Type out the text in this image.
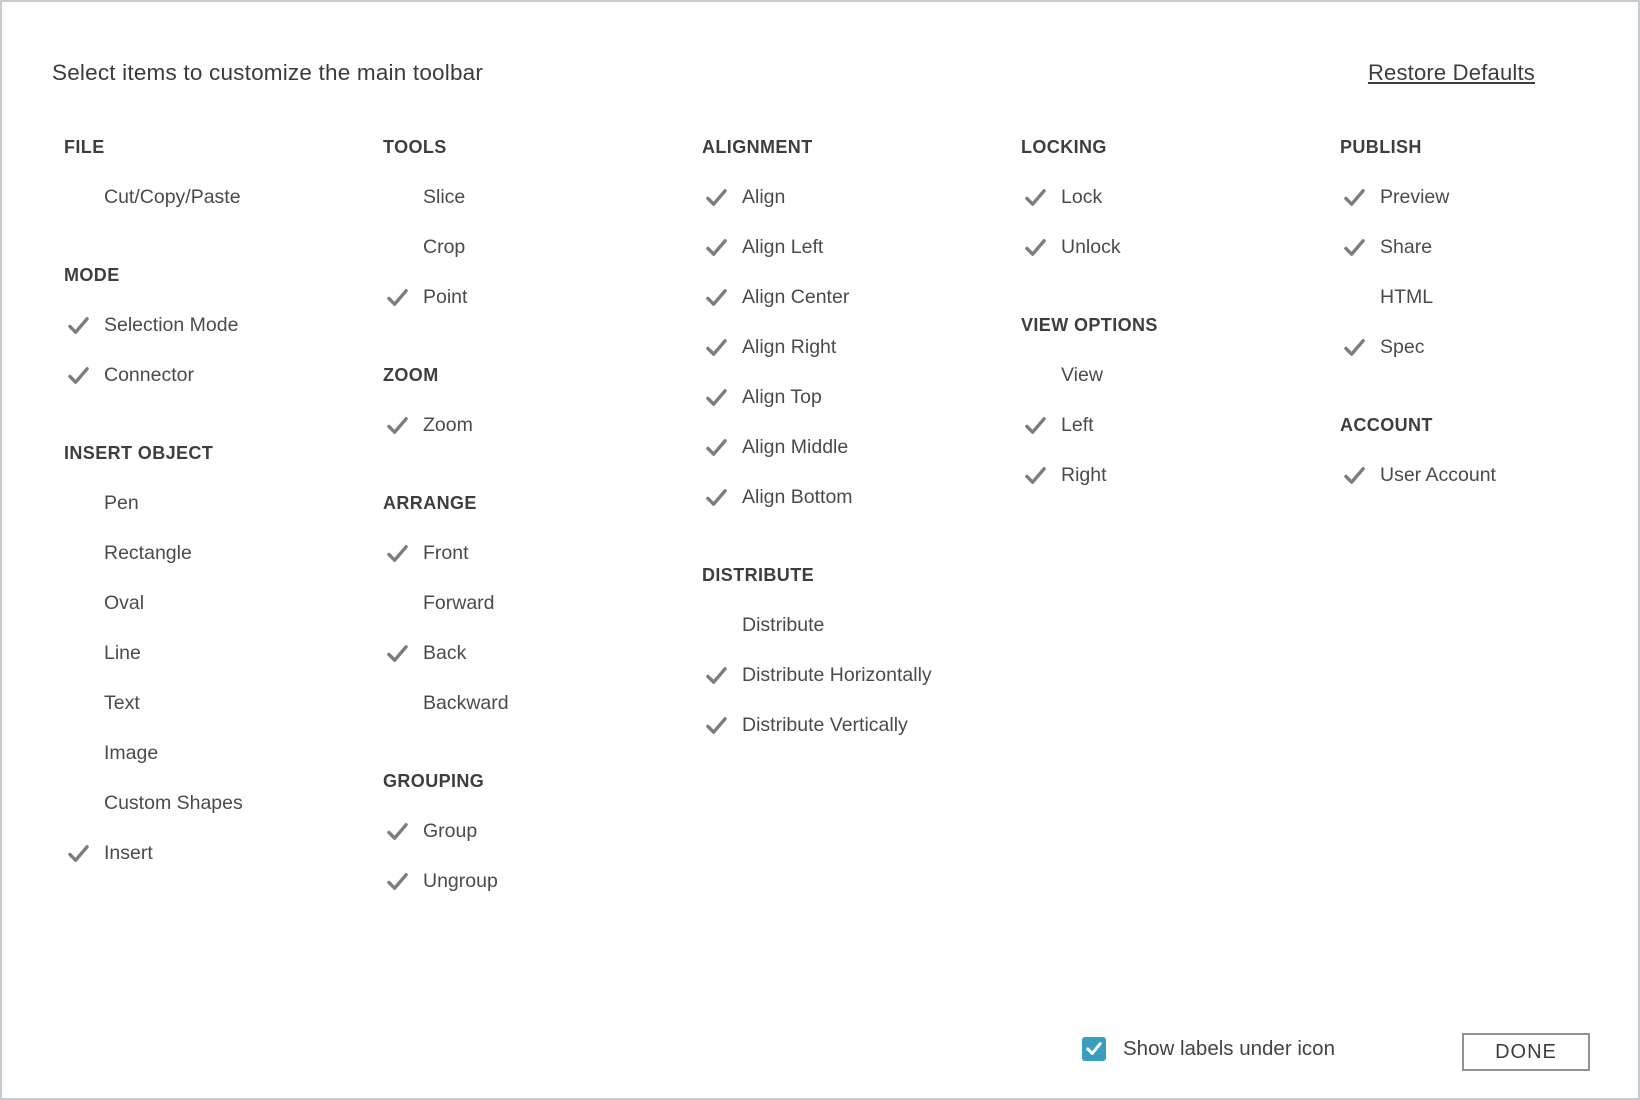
Select items to customize the main toolbar	Restore Defaults
FILE
Cut/Copy/Paste
MODE
Selection Mode
Connector
INSERT OBJECT
Pen
Rectangle
Oval
Line
Text
Image
Custom Shapes
Insert
TOOLS
Slice
Crop
Point
ZOOM
Zoom
ARRANGE
Front
Forward
Back
Backward
GROUPING
Group
Ungroup
ALIGNMENT
Align
Align Left
Align Center
Align Right
Align Top
Align Middle
Align Bottom
DISTRIBUTE
Distribute
Distribute Horizontally
Distribute Vertically
LOCKING
Lock
Unlock
VIEW OPTIONS
View
Left
Right
PUBLISH
Preview
Share
HTML
Spec
ACCOUNT
User Account
Show labels under icon	DONE
